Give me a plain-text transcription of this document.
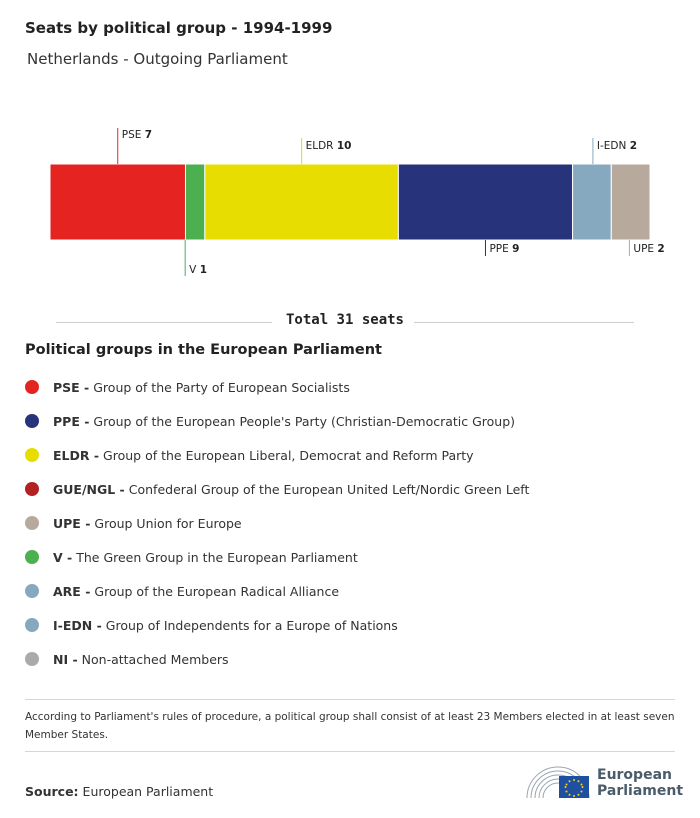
Seats by political group - 1994-1999
Netherlands - Outgoing Parliament
PSE 7
V 1
ELDR 10
PPE 9
I-EDN 2
UPE 2
Total 31 seats
Political groups in the European Parliament
PSE - Group of the Party of European Socialists
PPE - Group of the European People's Party (Christian-Democratic Group)
ELDR - Group of the European Liberal, Democrat and Reform Party
GUE/NGL - Confederal Group of the European United Left/Nordic Green Left
UPE - Group Union for Europe
V - The Green Group in the European Parliament
ARE - Group of the European Radical Alliance
I-EDN - Group of Independents for a Europe of Nations
NI - Non-attached Members
According to Parliament's rules of procedure, a political group shall consist of at least 23 Members elected in at least seven Member States.
Source: European Parliament
European
Parliament
